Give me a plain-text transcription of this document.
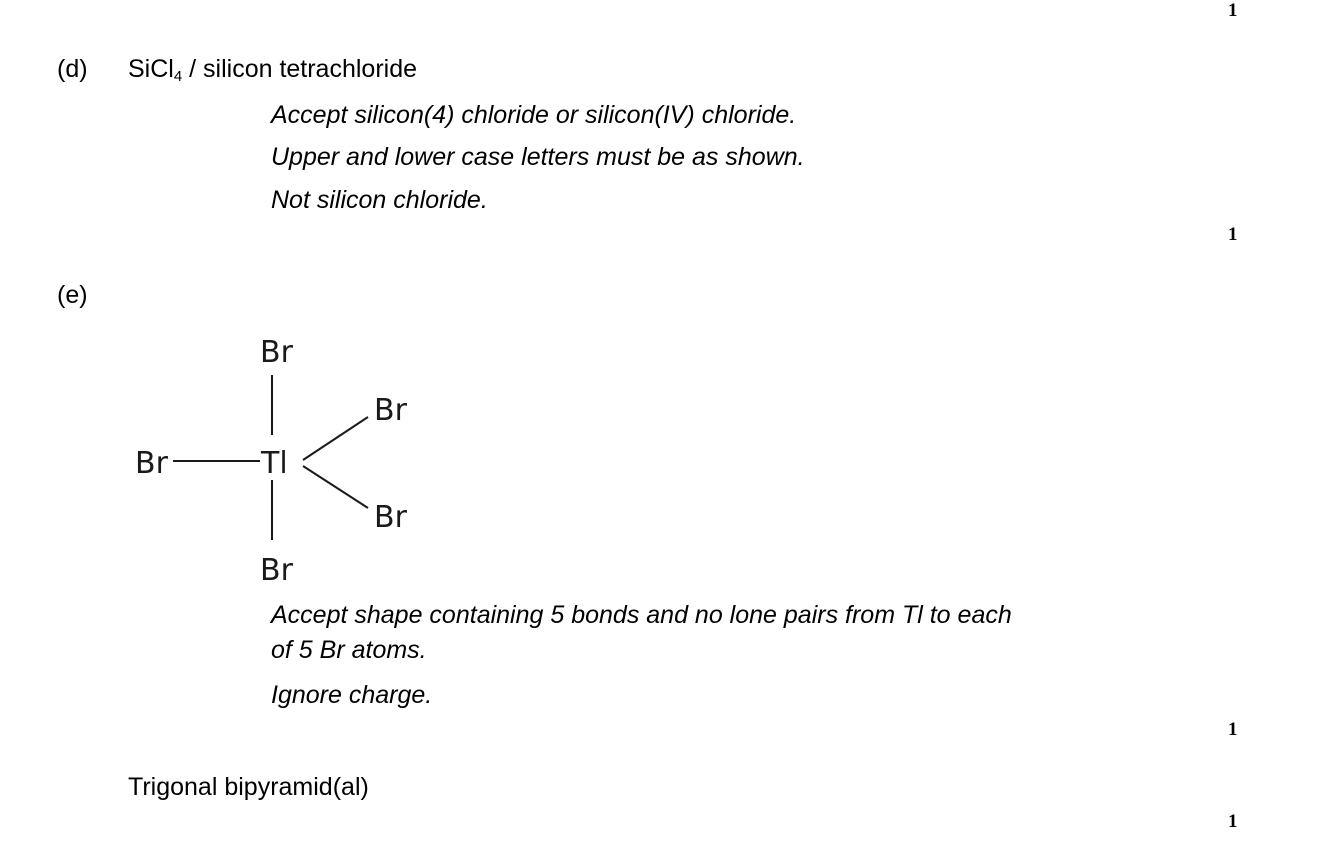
1
(d) SiCl$_4$ / silicon tetrachloride
Accept silicon(4) chloride or silicon(IV) chloride.
Upper and lower case letters must be as shown.
Not silicon chloride.
1
(e)
Br
Br
Br
Br
Br
Tl
Accept shape containing 5 bonds and no lone pairs from Tl to each
of 5 Br atoms.
Ignore charge.
1
Trigonal bipyramid(al)
1
